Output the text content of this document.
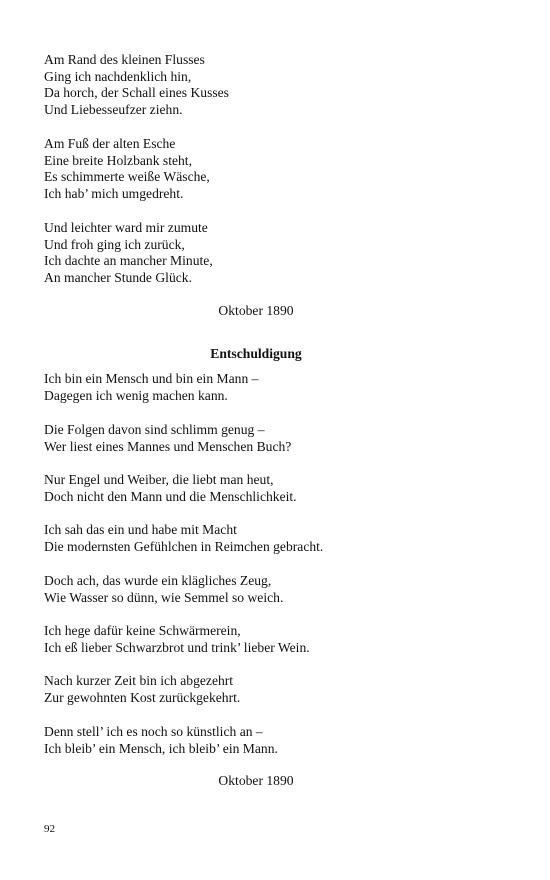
Am Rand des kleinen Flusses
Ging ich nachdenklich hin,
Da horch, der Schall eines Kusses
Und Liebesseufzer ziehn.
Am Fuß der alten Esche
Eine breite Holzbank steht,
Es schimmerte weiße Wäsche,
Ich hab’ mich umgedreht.
Und leichter ward mir zumute
Und froh ging ich zurück,
Ich dachte an mancher Minute,
An mancher Stunde Glück.
Oktober 1890
Entschuldigung
Ich bin ein Mensch und bin ein Mann –
Dagegen ich wenig machen kann.
Die Folgen davon sind schlimm genug –
Wer liest eines Mannes und Menschen Buch?
Nur Engel und Weiber, die liebt man heut,
Doch nicht den Mann und die Menschlichkeit.
Ich sah das ein und habe mit Macht
Die modernsten Gefühlchen in Reimchen gebracht.
Doch ach, das wurde ein klägliches Zeug,
Wie Wasser so dünn, wie Semmel so weich.
Ich hege dafür keine Schwärmerein,
Ich eß lieber Schwarzbrot und trink’ lieber Wein.
Nach kurzer Zeit bin ich abgezehrt
Zur gewohnten Kost zurückgekehrt.
Denn stell’ ich es noch so künstlich an –
Ich bleib’ ein Mensch, ich bleib’ ein Mann.
Oktober 1890
92
